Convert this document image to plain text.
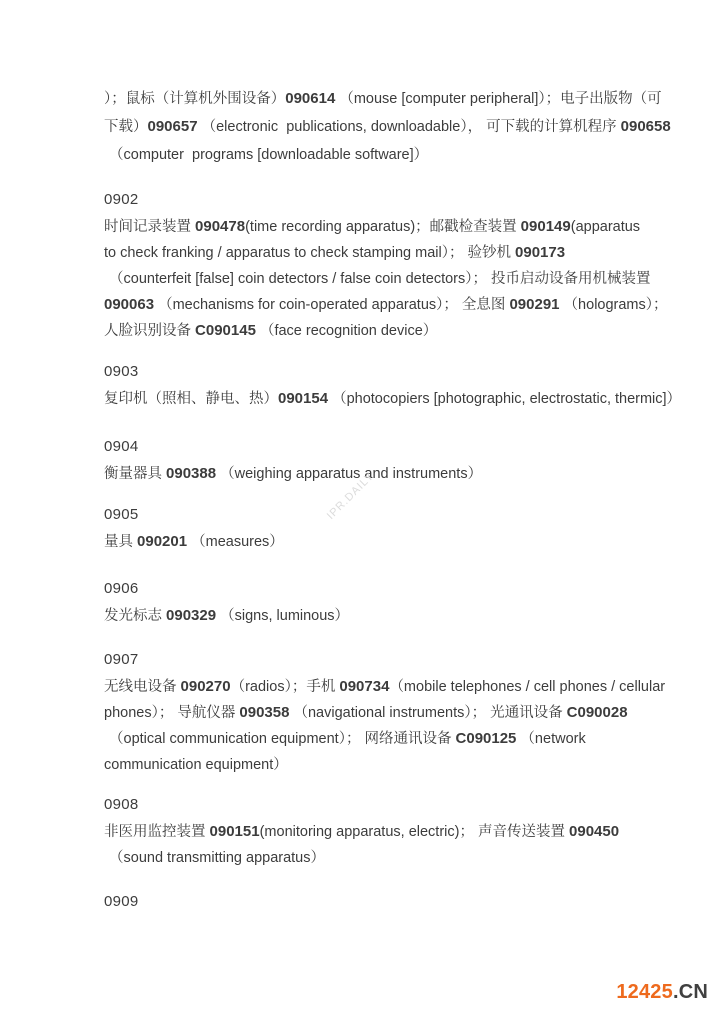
）；鼠标（计算机外围设备）090614 （mouse [computer peripheral]）；电子出版物（可
下载）090657 （electronic  publications, downloadable）， 可下载的计算机程序 090658
（computer  programs [downloadable software]）
0902
时间记录装置 090478(time recording apparatus)；邮戳检查装置 090149(apparatus
to check franking / apparatus to check stamping mail）； 验钞机 090173
（counterfeit [false] coin detectors / false coin detectors）； 投币启动设备用机械装置
090063 （mechanisms for coin-operated apparatus）； 全息图 090291 （holograms）；
人脸识别设备 C090145 （face recognition device）
0903
复印机（照相、静电、热）090154 （photocopiers [photographic, electrostatic, thermic]）
0904
衡量器具 090388 （weighing apparatus and instruments）
0905
量具 090201 （measures）
0906
发光标志 090329 （signs, luminous）
0907
无线电设备 090270（radios）；手机 090734（mobile telephones / cell phones / cellular
phones）； 导航仪器 090358 （navigational instruments）； 光通讯设备 C090028
（optical communication equipment）； 网络通讯设备 C090125 （network
communication equipment）
0908
非医用监控装置 090151(monitoring apparatus, electric)； 声音传送装置 090450
（sound transmitting apparatus）
0909
IPR.DAILY
12425.CN
